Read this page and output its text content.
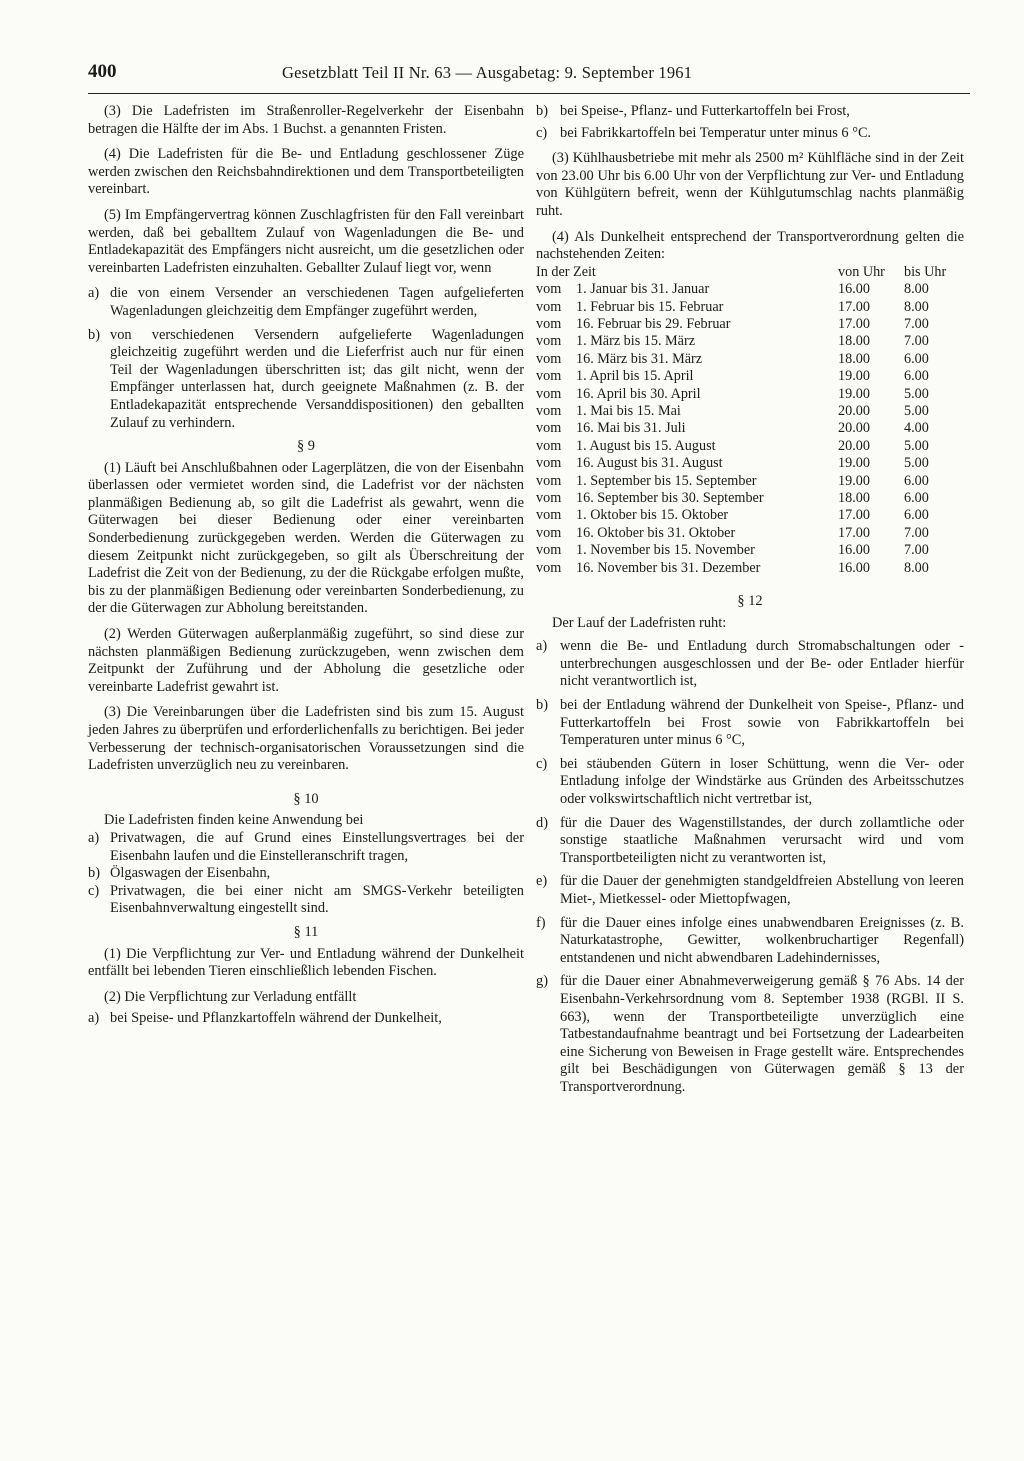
400	Gesetzblatt Teil II Nr. 63 — Ausgabetag: 9. September 1961

(3) Die Ladefristen im Straßenroller-Regelverkehr der Eisenbahn betragen die Hälfte der im Abs. 1 Buchst. a genannten Fristen.

(4) Die Ladefristen für die Be- und Entladung geschlossener Züge werden zwischen den Reichsbahndirektionen und dem Transportbeteiligten vereinbart.

(5) Im Empfängervertrag können Zuschlagfristen für den Fall vereinbart werden, daß bei geballtem Zulauf von Wagenladungen die Be- und Entladekapazität des Empfängers nicht ausreicht, um die gesetzlichen oder vereinbarten Ladefristen einzuhalten. Geballter Zulauf liegt vor, wenn

a) die von einem Versender an verschiedenen Tagen aufgelieferten Wagenladungen gleichzeitig dem Empfänger zugeführt werden,
b) von verschiedenen Versendern aufgelieferte Wagenladungen gleichzeitig zugeführt werden und die Lieferfrist auch nur für einen Teil der Wagenladungen überschritten ist; das gilt nicht, wenn der Empfänger unterlassen hat, durch geeignete Maßnahmen (z. B. der Entladekapazität entsprechende Versanddispositionen) den geballten Zulauf zu verhindern.
§ 9

(1) Läuft bei Anschlußbahnen oder Lagerplätzen, die von der Eisenbahn überlassen oder vermietet worden sind, die Ladefrist vor der nächsten planmäßigen Bedienung ab, so gilt die Ladefrist als gewahrt, wenn die Güterwagen bei dieser Bedienung oder einer vereinbarten Sonderbedienung zurückgegeben werden. Werden die Güterwagen zu diesem Zeitpunkt nicht zurückgegeben, so gilt als Überschreitung der Ladefrist die Zeit von der Bedienung, zu der die Rückgabe erfolgen mußte, bis zu der planmäßigen Bedienung oder vereinbarten Sonderbedienung, zu der die Güterwagen zur Abholung bereitstanden.

(2) Werden Güterwagen außerplanmäßig zugeführt, so sind diese zur nächsten planmäßigen Bedienung zurückzugeben, wenn zwischen dem Zeitpunkt der Zuführung und der Abholung die gesetzliche oder vereinbarte Ladefrist gewahrt ist.

(3) Die Vereinbarungen über die Ladefristen sind bis zum 15. August jeden Jahres zu überprüfen und erforderlichenfalls zu berichtigen. Bei jeder Verbesserung der technisch-organisatorischen Voraussetzungen sind die Ladefristen unverzüglich neu zu vereinbaren.

§ 10

Die Ladefristen finden keine Anwendung bei

a) Privatwagen, die auf Grund eines Einstellungsvertrages bei der Eisenbahn laufen und die Einstelleranschrift tragen,
b) Ölgaswagen der Eisenbahn,
c) Privatwagen, die bei einer nicht am SMGS-Verkehr beteiligten Eisenbahnverwaltung eingestellt sind.
§ 11

(1) Die Verpflichtung zur Ver- und Entladung während der Dunkelheit entfällt bei lebenden Tieren einschließlich lebenden Fischen.

(2) Die Verpflichtung zur Verladung entfällt

a) bei Speise- und Pflanzkartoffeln während der Dunkelheit,
b) bei Speise-, Pflanz- und Futterkartoffeln bei Frost,
c) bei Fabrikkartoffeln bei Temperatur unter minus 6 °C.

(3) Kühlhausbetriebe mit mehr als 2500 m² Kühlfläche sind in der Zeit von 23.00 Uhr bis 6.00 Uhr von der Verpflichtung zur Ver- und Entladung von Kühlgütern befreit, wenn der Kühlgutumschlag nachts planmäßig ruht.

(4) Als Dunkelheit entsprechend der Transportverordnung gelten die nachstehenden Zeiten:

In der Zeit		von Uhr	bis Uhr
vom	1. Januar bis 31. Januar	16.00	8.00
vom	1. Februar bis 15. Februar	17.00	8.00
vom	16. Februar bis 29. Februar	17.00	7.00
vom	1. März bis 15. März	18.00	7.00
vom	16. März bis 31. März	18.00	6.00
vom	1. April bis 15. April	19.00	6.00
vom	16. April bis 30. April	19.00	5.00
vom	1. Mai bis 15. Mai	20.00	5.00
vom	16. Mai bis 31. Juli	20.00	4.00
vom	1. August bis 15. August	20.00	5.00
vom	16. August bis 31. August	19.00	5.00
vom	1. September bis 15. September	19.00	6.00
vom	16. September bis 30. September	18.00	6.00
vom	1. Oktober bis 15. Oktober	17.00	6.00
vom	16. Oktober bis 31. Oktober	17.00	7.00
vom	1. November bis 15. November	16.00	7.00
vom	16. November bis 31. Dezember	16.00	8.00
§ 12

Der Lauf der Ladefristen ruht:

a) wenn die Be- und Entladung durch Stromabschaltungen oder -unterbrechungen ausgeschlossen und der Be- oder Entlader hierfür nicht verantwortlich ist,
b) bei der Entladung während der Dunkelheit von Speise-, Pflanz- und Futterkartoffeln bei Frost sowie von Fabrikkartoffeln bei Temperaturen unter minus 6 °C,
c) bei stäubenden Gütern in loser Schüttung, wenn die Ver- oder Entladung infolge der Windstärke aus Gründen des Arbeitsschutzes oder volkswirtschaftlich nicht vertretbar ist,
d) für die Dauer des Wagenstillstandes, der durch zollamtliche oder sonstige staatliche Maßnahmen verursacht wird und vom Transportbeteiligten nicht zu verantworten ist,
e) für die Dauer der genehmigten standgeldfreien Abstellung von leeren Miet-, Mietkessel- oder Miettopfwagen,
f)	für die Dauer eines infolge eines unabwendbaren Ereignisses (z. B. Naturkatastrophe, Gewitter, wolkenbruchartiger Regenfall) entstandenen und nicht abwendbaren Ladehindernisses,
g) für die Dauer einer Abnahmeverweigerung gemäß § 76 Abs. 14 der Eisenbahn-Verkehrsordnung vom 8. September 1938 (RGBl. II S. 663), wenn der Transportbeteiligte unverzüglich eine Tatbestandaufnahme beantragt und bei Fortsetzung der Ladearbeiten eine Sicherung von Beweisen in Frage gestellt wäre. Entsprechendes gilt bei Beschädigungen von Güterwagen gemäß § 13 der Transportverordnung.
